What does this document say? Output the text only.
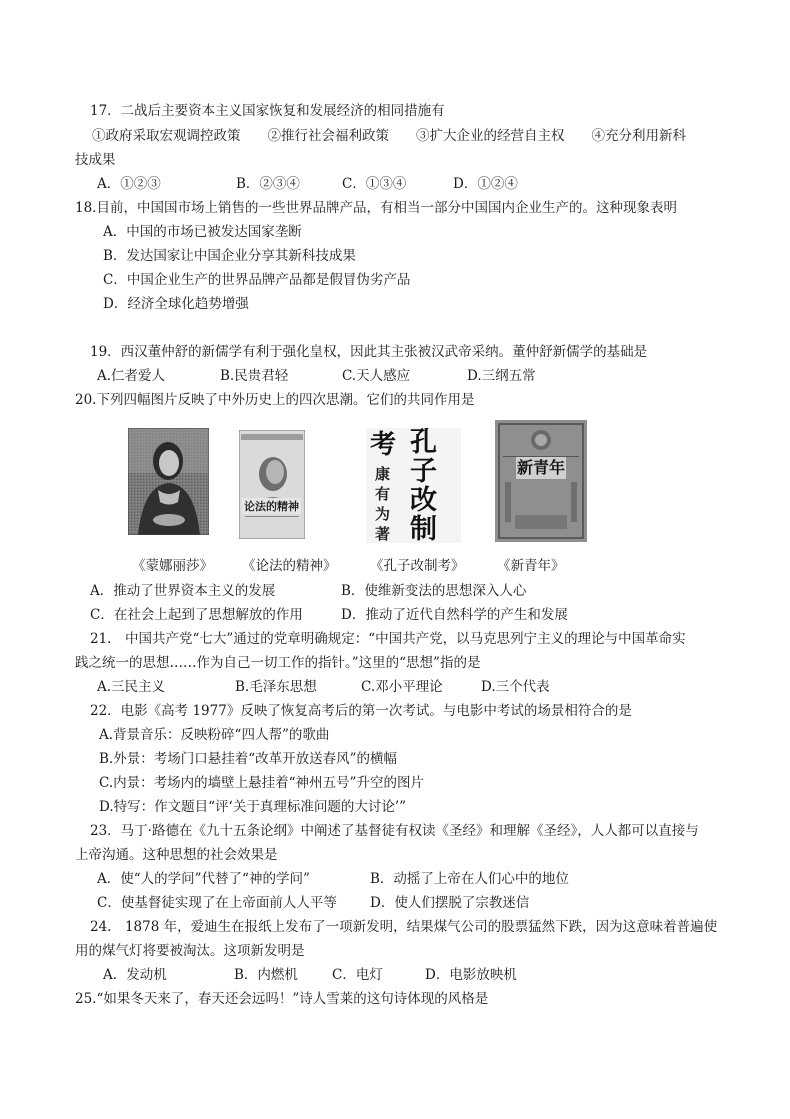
17．二战后主要资本主义国家恢复和发展经济的相同措施有
①政府采取宏观调控政策　　②推行社会福利政策　　③扩大企业的经营自主权　　④充分利用新科
技成果
A．①②③	B．②③④	C．①③④	D．①②④
18.目前，中国国市场上销售的一些世界品牌产品，有相当一部分中国国内企业生产的。这种现象表明
A．中国的市场已被发达国家垄断
B．发达国家让中国企业分享其新科技成果
C．中国企业生产的世界品牌产品都是假冒伪劣产品
D．经济全球化趋势增强
19．西汉董仲舒的新儒学有利于强化皇权，因此其主张被汉武帝采纳。董仲舒新儒学的基础是
A.仁者爱人	B.民贵君轻	C.天人感应	D.三纲五常
20.下列四幅图片反映了中外历史上的四次思潮。它们的共同作用是
论法的精神
考
康有为著
孔子改制
新青年
《蒙娜丽莎》 《论法的精神》 《孔子改制考》 《新青年》
A．推动了世界资本主义的发展	B．使维新变法的思想深入人心
C．在社会上起到了思想解放的作用	D．推动了近代自然科学的产生和发展
21.　中国共产党“七大”通过的党章明确规定：“中国共产党，以马克思列宁主义的理论与中国革命实
践之统一的思想……作为自己一切工作的指针。”这里的“思想”指的是
A.三民主义	B.毛泽东思想	C.邓小平理论	D.三个代表
22．电影《高考 1977》反映了恢复高考后的第一次考试。与电影中考试的场景相符合的是
A.背景音乐：反映粉碎“四人帮”的歌曲
B.外景：考场门口悬挂着“改革开放送春风”的横幅
C.内景：考场内的墙壁上悬挂着“神州五号”升空的图片
D.特写：作文题目“评‘关于真理标准问题的大讨论’”
23．马丁·路德在《九十五条论纲》中阐述了基督徒有权读《圣经》和理解《圣经》，人人都可以直接与
上帝沟通。这种思想的社会效果是
A．使“人的学问”代替了“神的学问”	B．动摇了上帝在人们心中的地位
C．使基督徒实现了在上帝面前人人平等 D．使人们摆脱了宗教迷信
24.　1878 年，爱迪生在报纸上发布了一项新发明，结果煤气公司的股票猛然下跌，因为这意味着普遍使
用的煤气灯将要被淘汰。这项新发明是
A．发动机	B．内燃机	C．电灯	D．电影放映机
25.“如果冬天来了，春天还会远吗！”诗人雪莱的这句诗体现的风格是
